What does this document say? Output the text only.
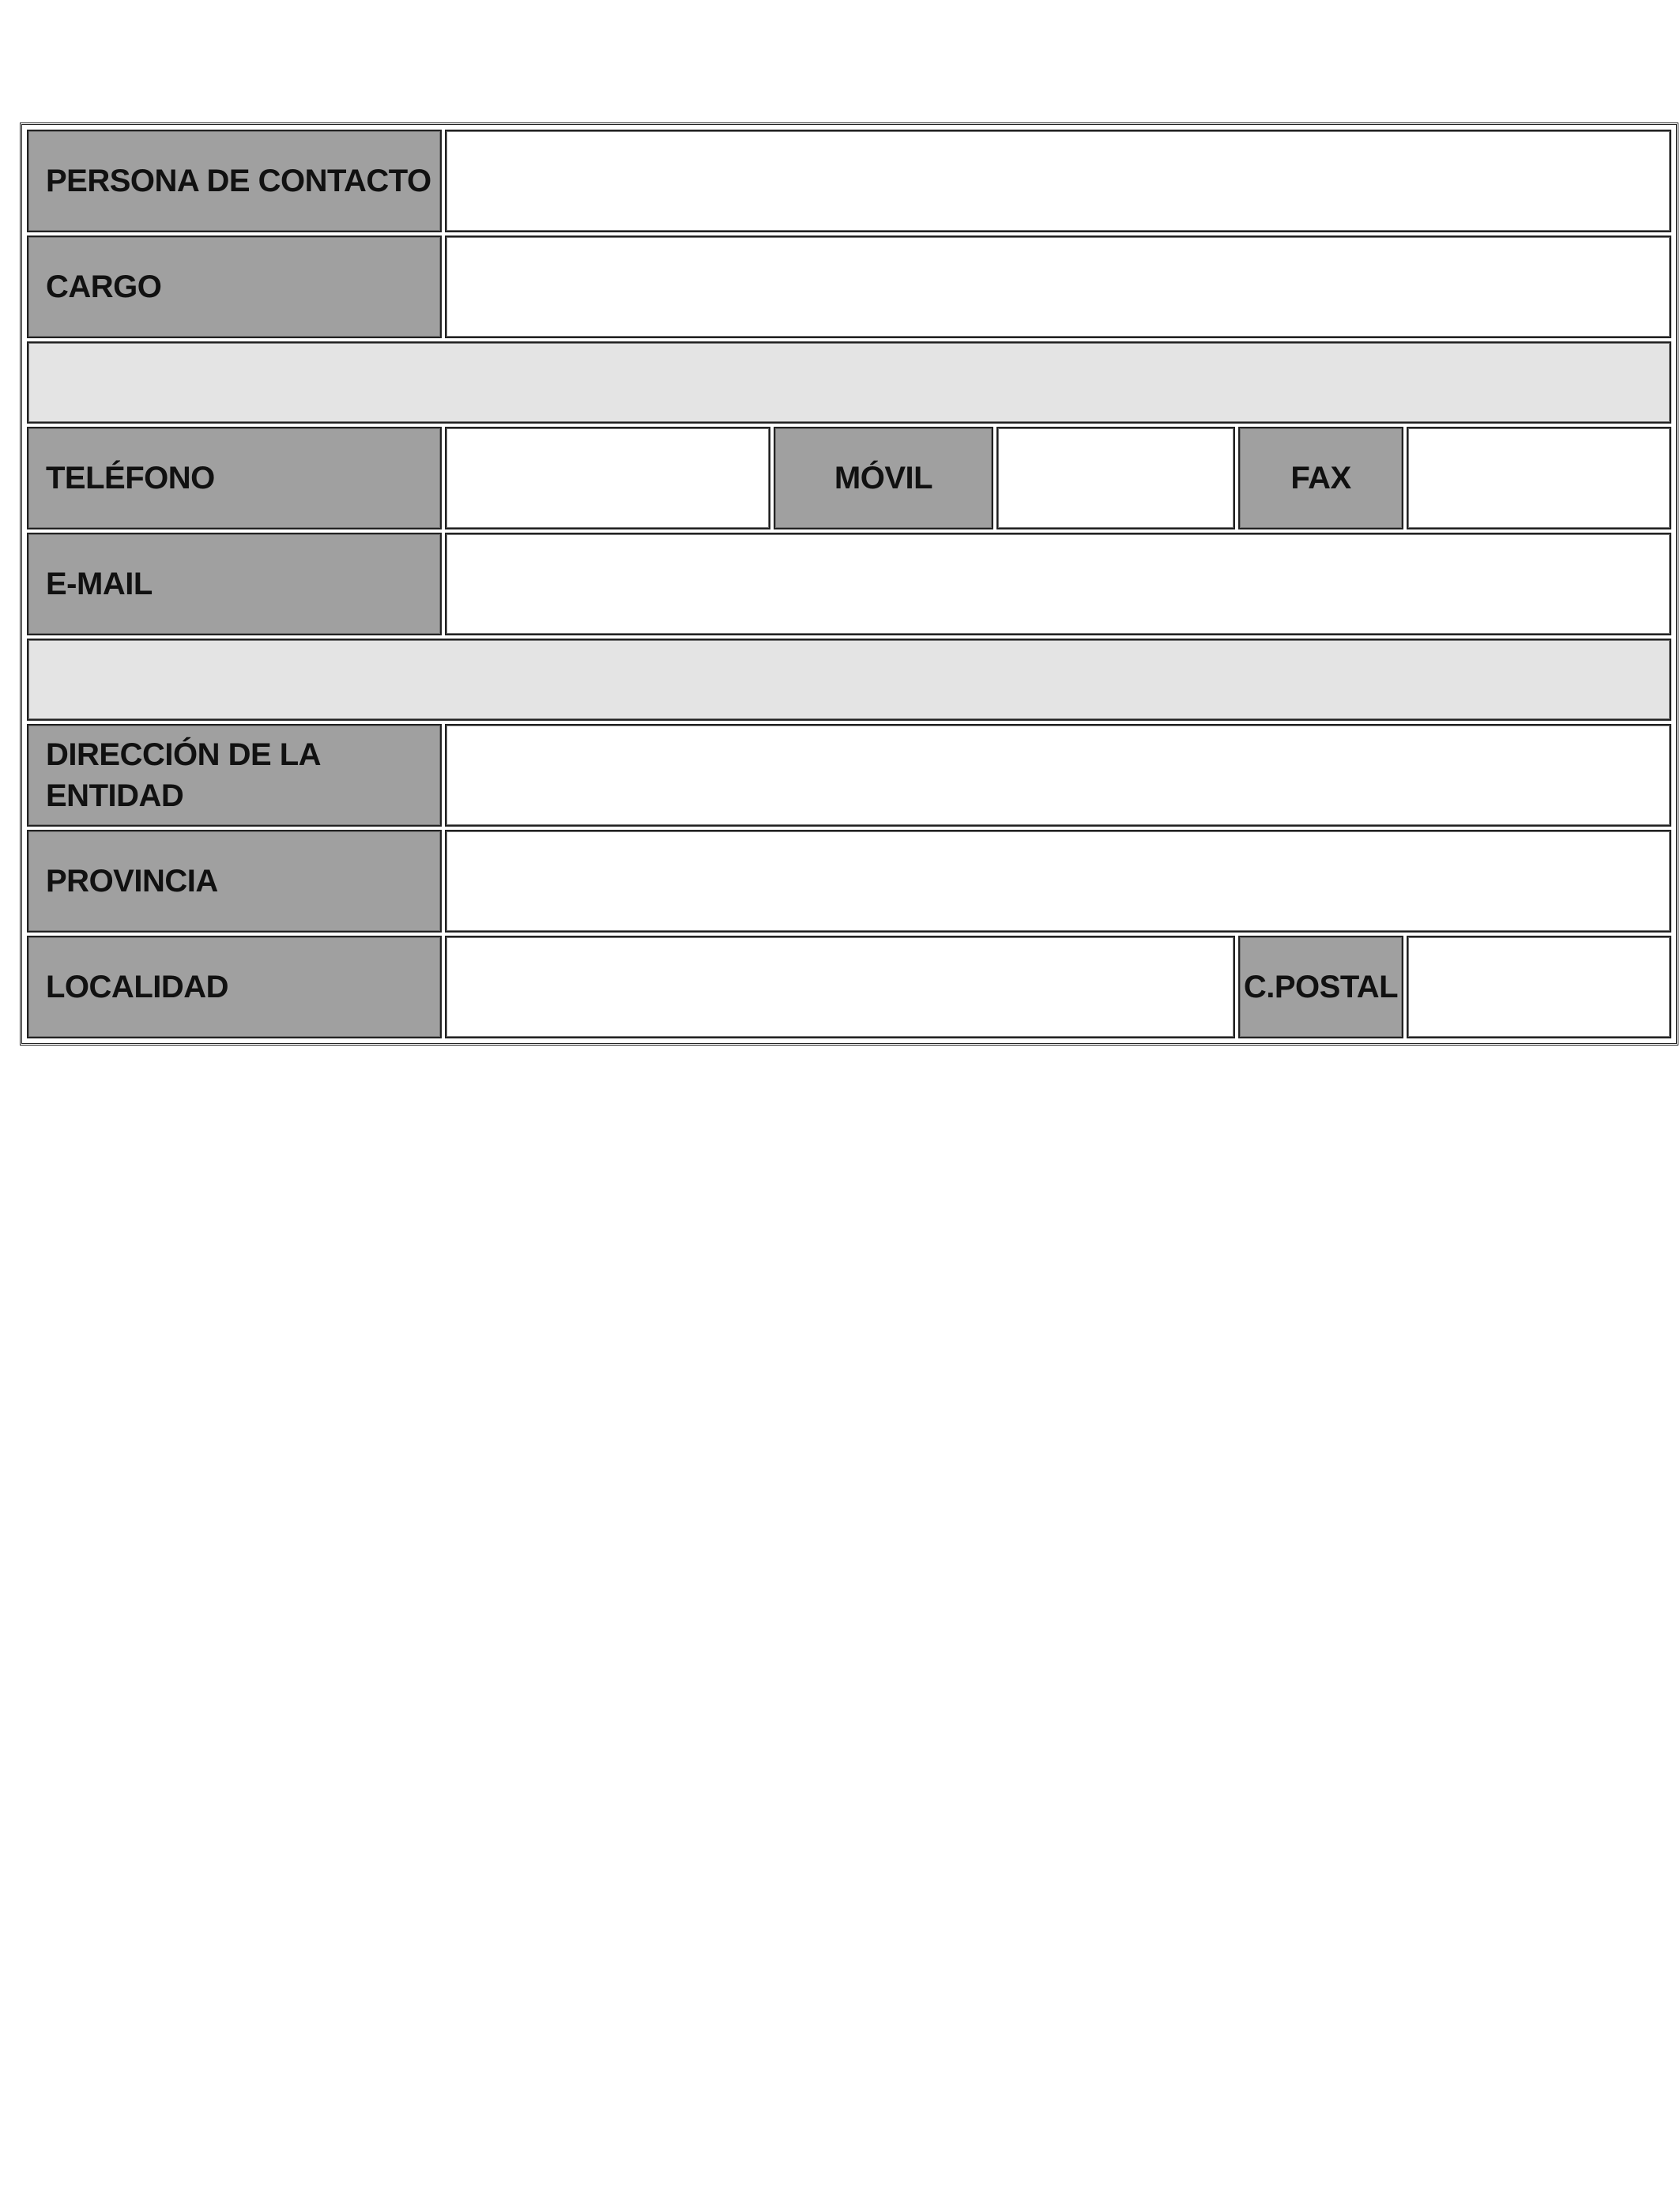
PERSONA DE CONTACTO					
CARGO					

TELÉFONO		MÓVIL		FAX	
E-MAIL					

DIRECCIÓN DE LA
ENTIDAD					

PROVINCIA					
LOCALIDAD				C.POSTAL	
